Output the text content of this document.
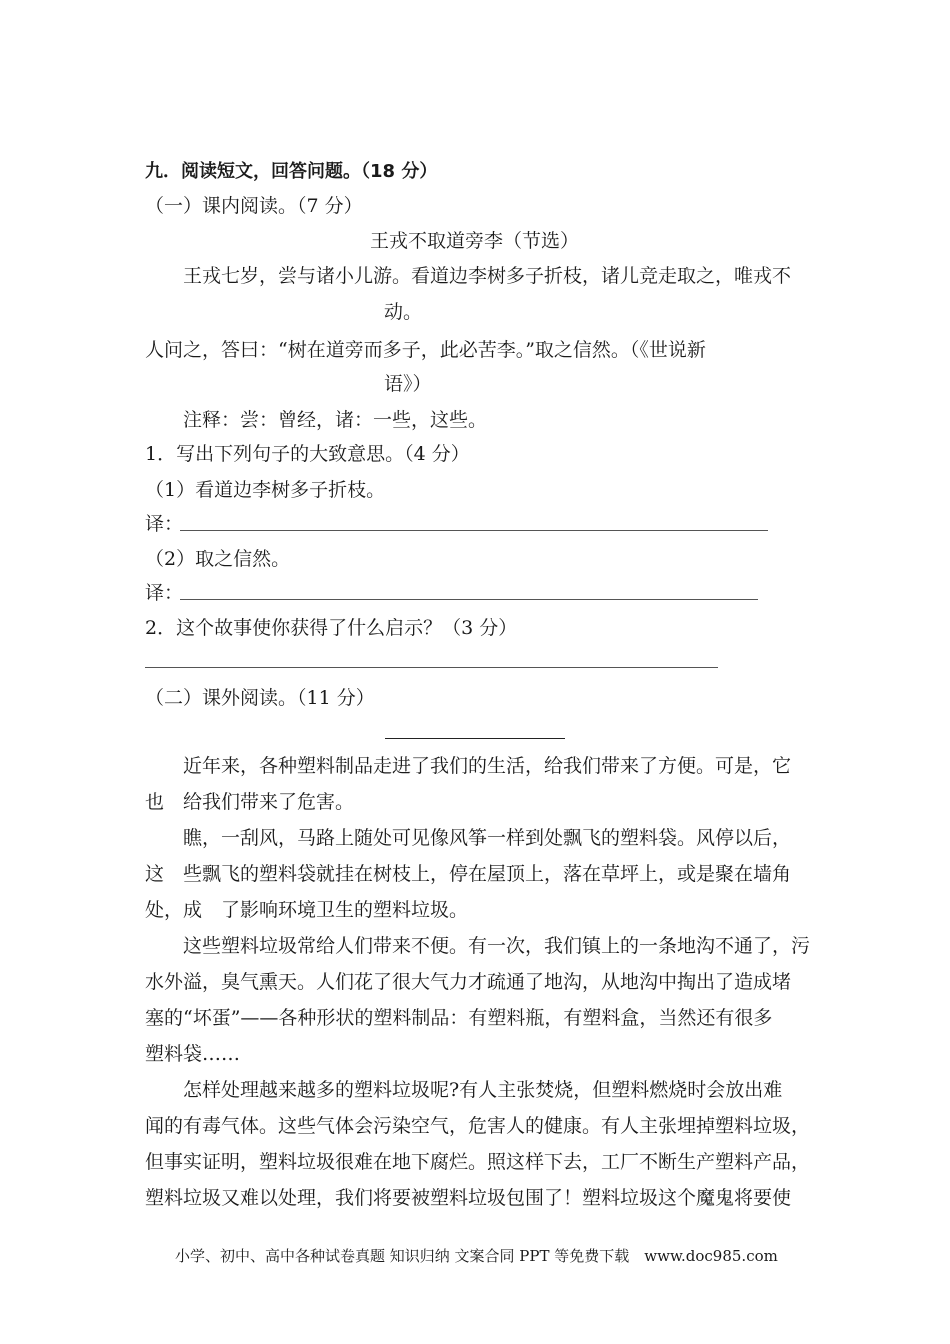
九．阅读短文，回答问题。（18 分）
（一）课内阅读。（7 分）
王戎不取道旁李（节选）
王戎七岁，尝与诸小儿游。看道边李树多子折枝，诸儿竞走取之，唯戎不
动。
人问之，答曰：“树在道旁而多子，此必苦李。”取之信然。（《世说新
语》）
注释：尝：曾经，诸：一些，这些。
1．写出下列句子的大致意思。（4 分）
（1）看道边李树多子折枝。
译：
（2）取之信然。
译：
2．这个故事使你获得了什么启示？（3 分）
（二）课外阅读。（11 分）
近年来，各种塑料制品走进了我们的生活，给我们带来了方便。可是，它
也　给我们带来了危害。
瞧，一刮风，马路上随处可见像风筝一样到处飘飞的塑料袋。风停以后，
这　些飘飞的塑料袋就挂在树枝上，停在屋顶上，落在草坪上，或是聚在墙角
处，成　了影响环境卫生的塑料垃圾。
这些塑料垃圾常给人们带来不便。有一次，我们镇上的一条地沟不通了，污
水外溢，臭气熏天。人们花了很大气力才疏通了地沟，从地沟中掏出了造成堵
塞的“坏蛋”——各种形状的塑料制品：有塑料瓶，有塑料盒，当然还有很多
塑料袋……
怎样处理越来越多的塑料垃圾呢?有人主张焚烧，但塑料燃烧时会放出难
闻的有毒气体。这些气体会污染空气，危害人的健康。有人主张埋掉塑料垃圾，
但事实证明，塑料垃圾很难在地下腐烂。照这样下去，工厂不断生产塑料产品，
塑料垃圾又难以处理，我们将要被塑料垃圾包围了！塑料垃圾这个魔鬼将要使
小学、初中、高中各种试卷真题 知识归纳 文案合同 PPT 等免费下载　www.doc985.com
